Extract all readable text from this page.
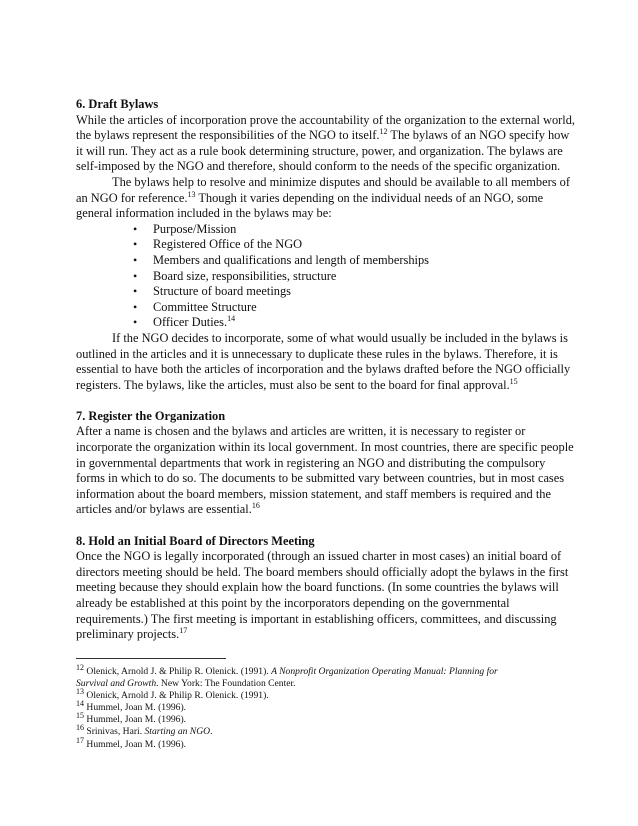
6. Draft Bylaws

While the articles of incorporation prove the accountability of the organization to the external world, the bylaws represent the responsibilities of the NGO to itself.$^{12}$ The bylaws of an NGO specify how it will run. They act as a rule book determining structure, power, and organization. The bylaws are self-imposed by the NGO and therefore, should conform to the needs of the specific organization.

The bylaws help to resolve and minimize disputes and should be available to all members of an NGO for reference.$^{13}$ Though it varies depending on the individual needs of an NGO, some general information included in the bylaws may be:

• Purpose/Mission
• Registered Office of the NGO
• Members and qualifications and length of memberships
• Board size, responsibilities, structure
• Structure of board meetings
• Committee Structure
• Officer Duties.$^{14}$

If the NGO decides to incorporate, some of what would usually be included in the bylaws is outlined in the articles and it is unnecessary to duplicate these rules in the bylaws. Therefore, it is essential to have both the articles of incorporation and the bylaws drafted before the NGO officially registers. The bylaws, like the articles, must also be sent to the board for final approval.$^{15}$

7. Register the Organization

After a name is chosen and the bylaws and articles are written, it is necessary to register or incorporate the organization within its local government. In most countries, there are specific people in governmental departments that work in registering an NGO and distributing the compulsory forms in which to do so. The documents to be submitted vary between countries, but in most cases information about the board members, mission statement, and staff members is required and the articles and/or bylaws are essential.$^{16}$

8. Hold an Initial Board of Directors Meeting

Once the NGO is legally incorporated (through an issued charter in most cases) an initial board of directors meeting should be held. The board members should officially adopt the bylaws in the first meeting because they should explain how the board functions. (In some countries the bylaws will already be established at this point by the incorporators depending on the governmental requirements.) The first meeting is important in establishing officers, committees, and discussing preliminary projects.$^{17}$

$^{12}$ Olenick, Arnold J. & Philip R. Olenick. (1991). A Nonprofit Organization Operating Manual: Planning for

Survival and Growth. New York: The Foundation Center.

$^{13}$ Olenick, Arnold J. & Philip R. Olenick. (1991).

$^{14}$ Hummel, Joan M. (1996).

$^{15}$ Hummel, Joan M. (1996).

$^{16}$ Srinivas, Hari. Starting an NGO.

$^{17}$ Hummel, Joan M. (1996).
